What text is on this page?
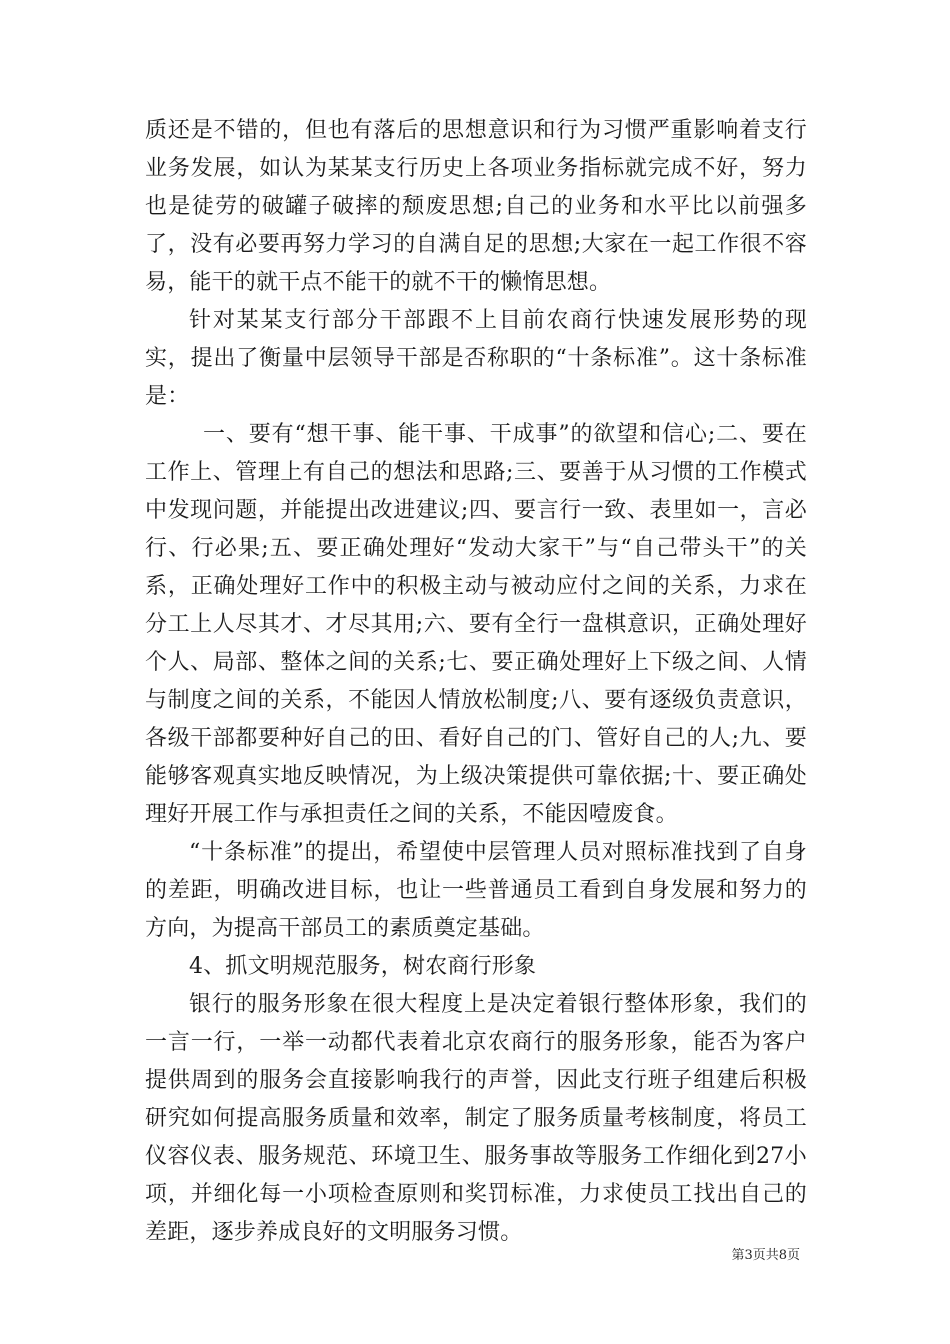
质还是不错的，但也有落后的思想意识和行为习惯严重影响着支行业务发展，如认为某某支行历史上各项业务指标就完成不好，努力也是徒劳的破罐子破摔的颓废思想;自己的业务和水平比以前强多了，没有必要再努力学习的自满自足的思想;大家在一起工作很不容易，能干的就干点不能干的就不干的懒惰思想。

针对某某支行部分干部跟不上目前农商行快速发展形势的现实，提出了衡量中层领导干部是否称职的“十条标准”。这十条标准是：

一、要有“想干事、能干事、干成事”的欲望和信心;二、要在工作上、管理上有自己的想法和思路;三、要善于从习惯的工作模式中发现问题，并能提出改进建议;四、要言行一致、表里如一，言必行、行必果;五、要正确处理好“发动大家干”与“自己带头干”的关系，正确处理好工作中的积极主动与被动应付之间的关系，力求在分工上人尽其才、才尽其用;六、要有全行一盘棋意识，正确处理好个人、局部、整体之间的关系;七、要正确处理好上下级之间、人情与制度之间的关系，不能因人情放松制度;八、要有逐级负责意识，各级干部都要种好自己的田、看好自己的门、管好自己的人;九、要能够客观真实地反映情况，为上级决策提供可靠依据;十、要正确处理好开展工作与承担责任之间的关系，不能因噎废食。

“十条标准”的提出，希望使中层管理人员对照标准找到了自身的差距，明确改进目标，也让一些普通员工看到自身发展和努力的方向，为提高干部员工的素质奠定基础。

4、抓文明规范服务，树农商行形象

银行的服务形象在很大程度上是决定着银行整体形象，我们的一言一行，一举一动都代表着北京农商行的服务形象，能否为客户提供周到的服务会直接影响我行的声誉，因此支行班子组建后积极研究如何提高服务质量和效率，制定了服务质量考核制度，将员工仪容仪表、服务规范、环境卫生、服务事故等服务工作细化到27小项，并细化每一小项检查原则和奖罚标准，力求使员工找出自己的差距，逐步养成良好的文明服务习惯。

第3页共8页
